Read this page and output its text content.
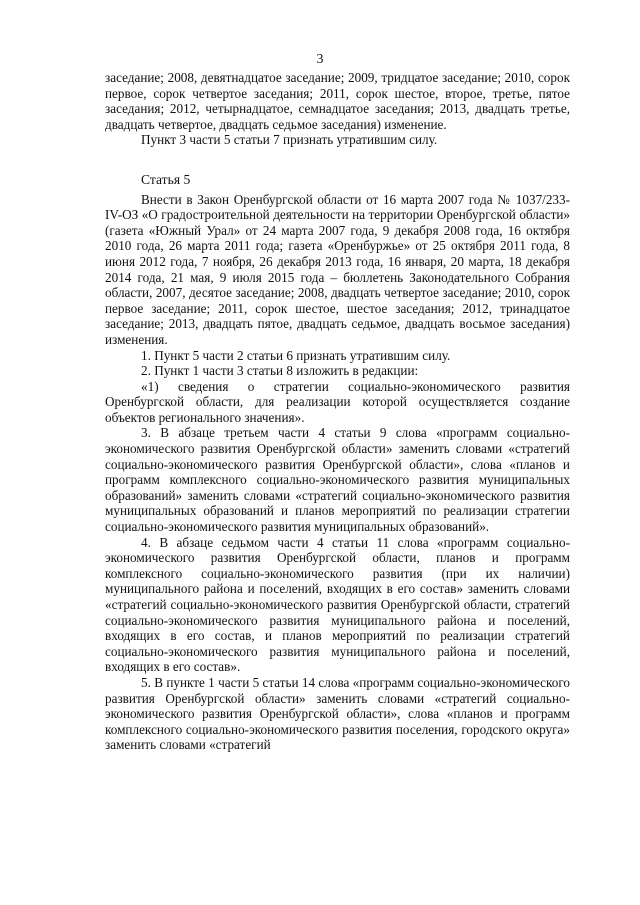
3

заседание; 2008, девятнадцатое заседание; 2009, тридцатое заседание; 2010, сорок первое, сорок четвертое заседания; 2011, сорок шестое, второе, третье, пятое заседания; 2012, четырнадцатое, семнадцатое заседания; 2013, двадцать третье, двадцать четвертое, двадцать седьмое заседания) изменение.

Пункт 3 части 5 статьи 7 признать утратившим силу.

Статья 5

Внести в Закон Оренбургской области от 16 марта 2007 года № 1037/233-IV-ОЗ «О градостроительной деятельности на территории Оренбургской области» (газета «Южный Урал» от 24 марта 2007 года, 9 декабря 2008 года, 16 октября 2010 года, 26 марта 2011 года; газета «Оренбуржье» от 25 октября 2011 года, 8 июня 2012 года, 7 ноября, 26 декабря 2013 года, 16 января, 20 марта, 18 декабря 2014 года, 21 мая, 9 июля 2015 года – бюллетень Законодательного Собрания области, 2007, десятое заседание; 2008, двадцать четвертое заседание; 2010, сорок первое заседание; 2011, сорок шестое, шестое заседания; 2012, тринадцатое заседание; 2013, двадцать пятое, двадцать седьмое, двадцать восьмое заседания) изменения.

1. Пункт 5 части 2 статьи 6 признать утратившим силу.

2. Пункт 1 части 3 статьи 8 изложить в редакции:

«1) сведения о стратегии социально-экономического развития Оренбургской области, для реализации которой осуществляется создание объектов регионального значения».

3. В абзаце третьем части 4 статьи 9 слова «программ социально-экономического развития Оренбургской области» заменить словами «стратегий социально-экономического развития Оренбургской области», слова «планов и программ комплексного социально-экономического развития муниципальных образований» заменить словами «стратегий социально-экономического развития муниципальных образований и планов мероприятий по реализации стратегии социально-экономического развития муниципальных образований».

4. В абзаце седьмом части 4 статьи 11 слова «программ социально-экономического развития Оренбургской области, планов и программ комплексного социально-экономического развития (при их наличии) муниципального района и поселений, входящих в его состав» заменить словами «стратегий социально-экономического развития Оренбургской области, стратегий социально-экономического развития муниципального района и поселений, входящих в его состав, и планов мероприятий по реализации стратегий социально-экономического развития муниципального района и поселений, входящих в его состав».

5. В пункте 1 части 5 статьи 14 слова «программ социально-экономического развития Оренбургской области» заменить словами «стратегий социально-экономического развития Оренбургской области», слова «планов и программ комплексного социально-экономического развития поселения, городского округа» заменить словами «стратегий
